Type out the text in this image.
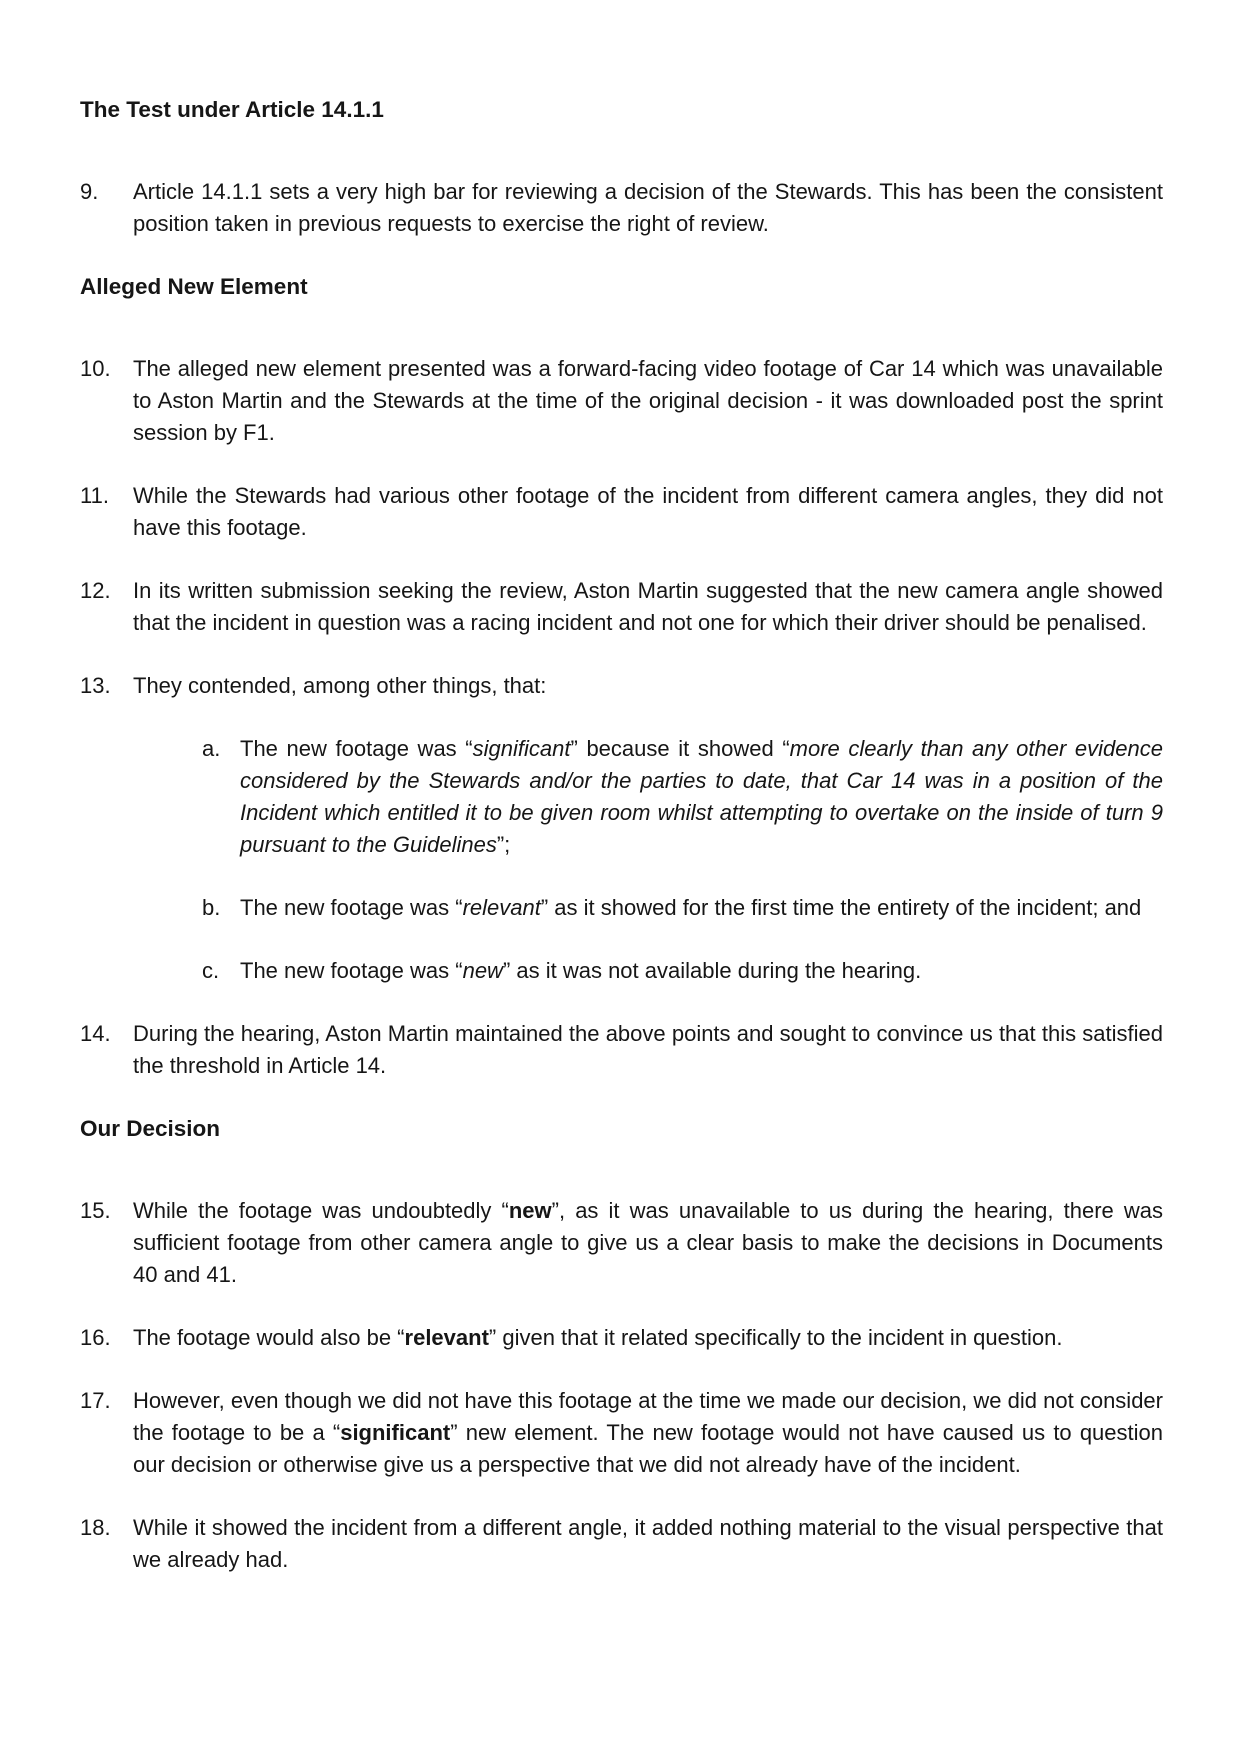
The Test under Article 14.1.1
9.	Article 14.1.1 sets a very high bar for reviewing a decision of the Stewards. This has been the consistent position taken in previous requests to exercise the right of review.
Alleged New Element
10.	The alleged new element presented was a forward-facing video footage of Car 14 which was unavailable to Aston Martin and the Stewards at the time of the original decision - it was downloaded post the sprint session by F1.
11.	While the Stewards had various other footage of the incident from different camera angles, they did not have this footage.
12.	In its written submission seeking the review, Aston Martin suggested that the new camera angle showed that the incident in question was a racing incident and not one for which their driver should be penalised.
13.	They contended, among other things, that:
a. The new footage was “significant” because it showed “more clearly than any other evidence considered by the Stewards and/or the parties to date, that Car 14 was in a position of the Incident which entitled it to be given room whilst attempting to overtake on the inside of turn 9 pursuant to the Guidelines”;
b. The new footage was “relevant” as it showed for the first time the entirety of the incident; and
c. The new footage was “new” as it was not available during the hearing.
14.	During the hearing, Aston Martin maintained the above points and sought to convince us that this satisfied the threshold in Article 14.
Our Decision
15.	While the footage was undoubtedly “new”, as it was unavailable to us during the hearing, there was sufficient footage from other camera angle to give us a clear basis to make the decisions in Documents 40 and 41.
16.	The footage would also be “relevant” given that it related specifically to the incident in question.
17.	However, even though we did not have this footage at the time we made our decision, we did not consider the footage to be a “significant” new element. The new footage would not have caused us to question our decision or otherwise give us a perspective that we did not already have of the incident.
18.	While it showed the incident from a different angle, it added nothing material to the visual perspective that we already had.
